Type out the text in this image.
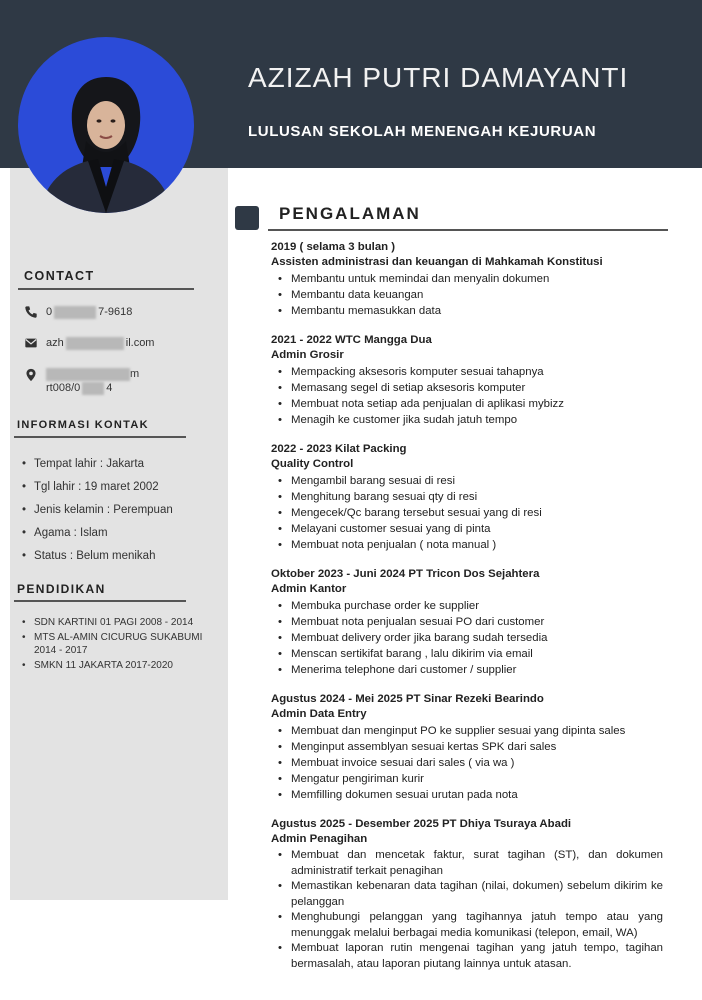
AZIZAH PUTRI DAMAYANTI
LULUSAN SEKOLAH MENENGAH KEJURUAN
CONTACT
0	7-9618
azh	il.com
m
rt008/0 4
INFORMASI KONTAK
• Tempat lahir : Jakarta
• Tgl lahir : 19 maret 2002
• Jenis kelamin : Perempuan
• Agama : Islam
• Status : Belum menikah
PENDIDIKAN
• SDN KARTINI 01 PAGI 2008 - 2014
• MTS AL-AMIN CICURUG SUKABUMI 2014 - 2017
• SMKN 11 JAKARTA 2017-2020
PENGALAMAN
2019 ( selama 3 bulan )
Assisten administrasi dan keuangan di Mahkamah Konstitusi
• Membantu untuk memindai dan menyalin dokumen
• Membantu data keuangan
• Membantu memasukkan data
2021 - 2022 WTC Mangga Dua
Admin Grosir
• Mempacking aksesoris komputer sesuai tahapnya
• Memasang segel di setiap aksesoris komputer
• Membuat nota setiap ada penjualan di aplikasi mybizz
• Menagih ke customer jika sudah jatuh tempo
2022 - 2023 Kilat Packing
Quality Control
• Mengambil barang sesuai di resi
• Menghitung barang sesuai qty di resi
• Mengecek/Qc barang tersebut sesuai yang di resi
• Melayani customer sesuai yang di pinta
• Membuat nota penjualan ( nota manual )
Oktober 2023 - Juni 2024 PT Tricon Dos Sejahtera
Admin Kantor
• Membuka purchase order ke supplier
• Membuat nota penjualan sesuai PO dari customer
• Membuat delivery order jika barang sudah tersedia
• Menscan sertikifat barang , lalu dikirim via email
• Menerima telephone dari customer / supplier
Agustus 2024 - Mei 2025 PT Sinar Rezeki Bearindo
Admin Data Entry
• Membuat dan menginput PO ke supplier sesuai yang dipinta sales
• Menginput assemblyan sesuai kertas SPK dari sales
• Membuat invoice sesuai dari sales ( via wa )
• Mengatur pengiriman kurir
• Memfilling dokumen sesuai urutan pada nota
Agustus 2025 - Desember 2025 PT Dhiya Tsuraya Abadi
Admin Penagihan
• Membuat dan mencetak faktur, surat tagihan (ST), dan dokumen administratif terkait penagihan
• Memastikan kebenaran data tagihan (nilai, dokumen) sebelum dikirim ke pelanggan
• Menghubungi pelanggan yang tagihannya jatuh tempo atau yang menunggak melalui berbagai media komunikasi (telepon, email, WA)
• Membuat laporan rutin mengenai tagihan yang jatuh tempo, tagihan bermasalah, atau laporan piutang lainnya untuk atasan.
